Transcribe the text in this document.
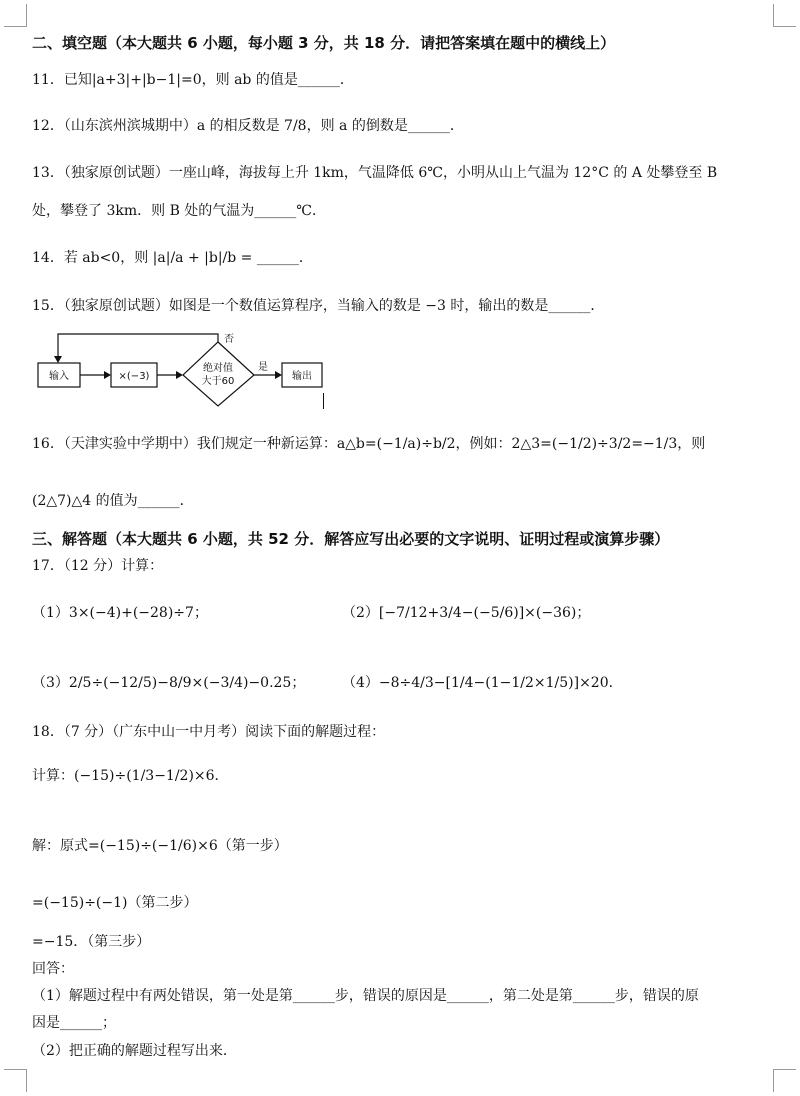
二、填空题（本大题共 6 小题，每小题 3 分，共 18 分．请把答案填在题中的横线上）
11．已知|a+3|+|b−1|=0，则 ab 的值是______．
12．（山东滨州滨城期中）a 的相反数是 7/8，则 a 的倒数是______．
13．（独家原创试题）一座山峰，海拔每上升 1km，气温降低 6℃，小明从山上气温为 12°C 的 A 处攀登至 B
处，攀登了 3km．则 B 处的气温为______℃．
14．若 ab<0，则 |a|/a + |b|/b = ______．
15．（独家原创试题）如图是一个数值运算程序，当输入的数是 −3 时，输出的数是______．
输入	×(−3)
绝对值
大于60
否
是
输出
16．（天津实验中学期中）我们规定一种新运算：a△b=(−1/a)÷b/2，例如：2△3=(−1/2)÷3/2=−1/3，则
(2△7)△4 的值为______．
三、解答题（本大题共 6 小题，共 52 分．解答应写出必要的文字说明、证明过程或演算步骤）
17．（12 分）计算：
（1）3×(−4)+(−28)÷7；	（2）[−7/12+3/4−(−5/6)]×(−36)；
（3）2/5÷(−12/5)−8/9×(−3/4)−0.25；	（4）−8÷4/3−[1/4−(1−1/2×1/5)]×20．
18．（7 分）（广东中山一中月考）阅读下面的解题过程：
计算：(−15)÷(1/3−1/2)×6．
解：原式=(−15)÷(−1/6)×6（第一步）
=(−15)÷(−1)（第二步）
=−15．（第三步）
回答：
（1）解题过程中有两处错误，第一处是第______步，错误的原因是______，第二处是第______步，错误的原
因是______；
（2）把正确的解题过程写出来．
